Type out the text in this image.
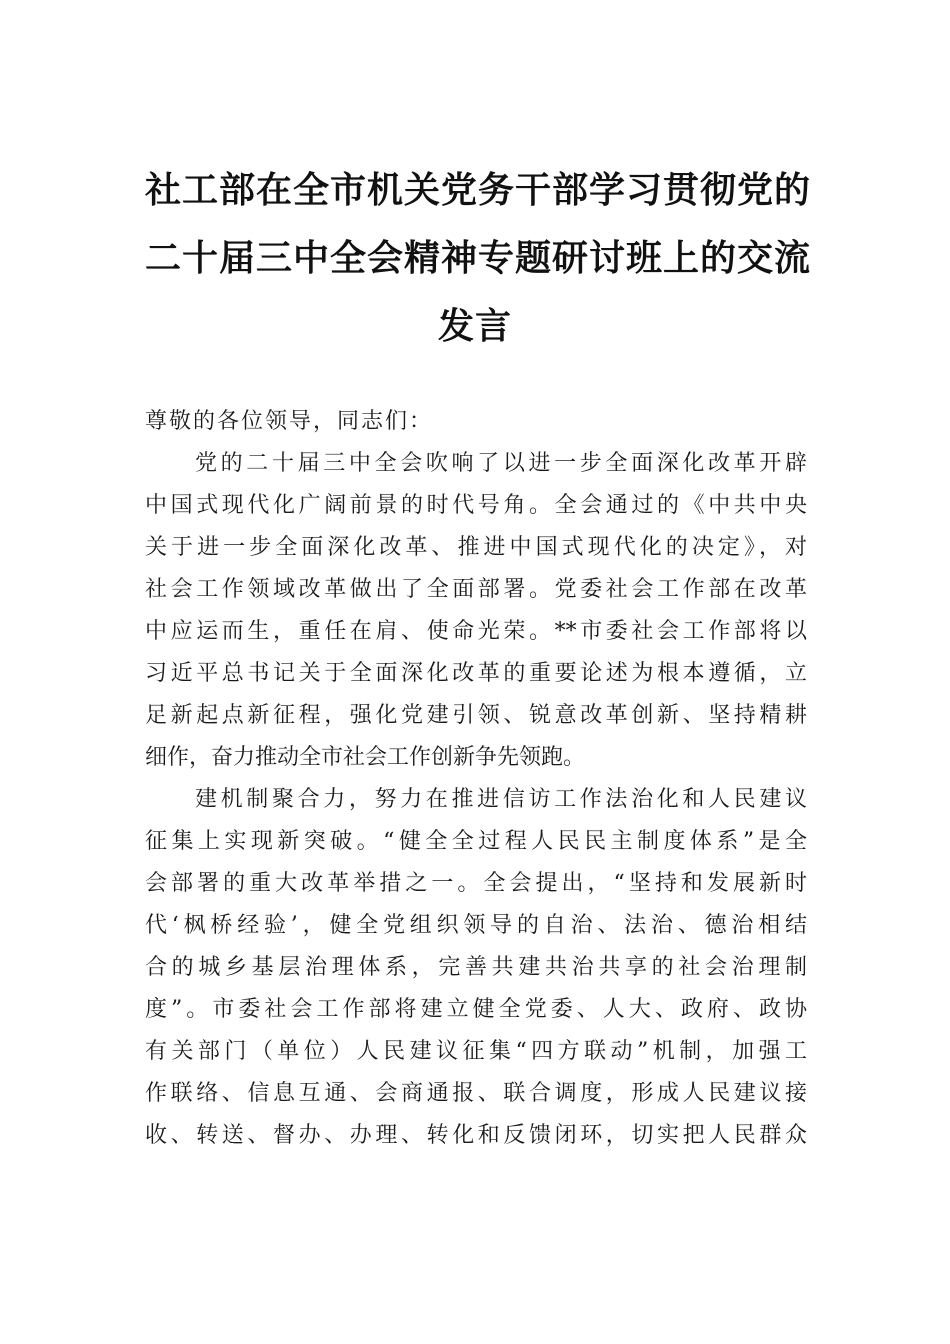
社工部在全市机关党务干部学习贯彻党的
二十届三中全会精神专题研讨班上的交流
发言

尊敬的各位领导，同志们：

党的二十届三中全会吹响了以进一步全面深化改革开辟
中国式现代化广阔前景的时代号角。全会通过的《中共中央
关于进一步全面深化改革、推进中国式现代化的决定》，对
社会工作领域改革做出了全面部署。党委社会工作部在改革
中应运而生，重任在肩、使命光荣。**市委社会工作部将以
习近平总书记关于全面深化改革的重要论述为根本遵循，立
足新起点新征程，强化党建引领、锐意改革创新、坚持精耕
细作，奋力推动全市社会工作创新争先领跑。

建机制聚合力，努力在推进信访工作法治化和人民建议
征集上实现新突破。“健全全过程人民民主制度体系”是全
会部署的重大改革举措之一。全会提出，“坚持和发展新时
代‘枫桥经验’，健全党组织领导的自治、法治、德治相结
合的城乡基层治理体系，完善共建共治共享的社会治理制
度”。市委社会工作部将建立健全党委、人大、政府、政协
有关部门（单位）人民建议征集“四方联动”机制，加强工
作联络、信息互通、会商通报、联合调度，形成人民建议接
收、转送、督办、办理、转化和反馈闭环，切实把人民群众
